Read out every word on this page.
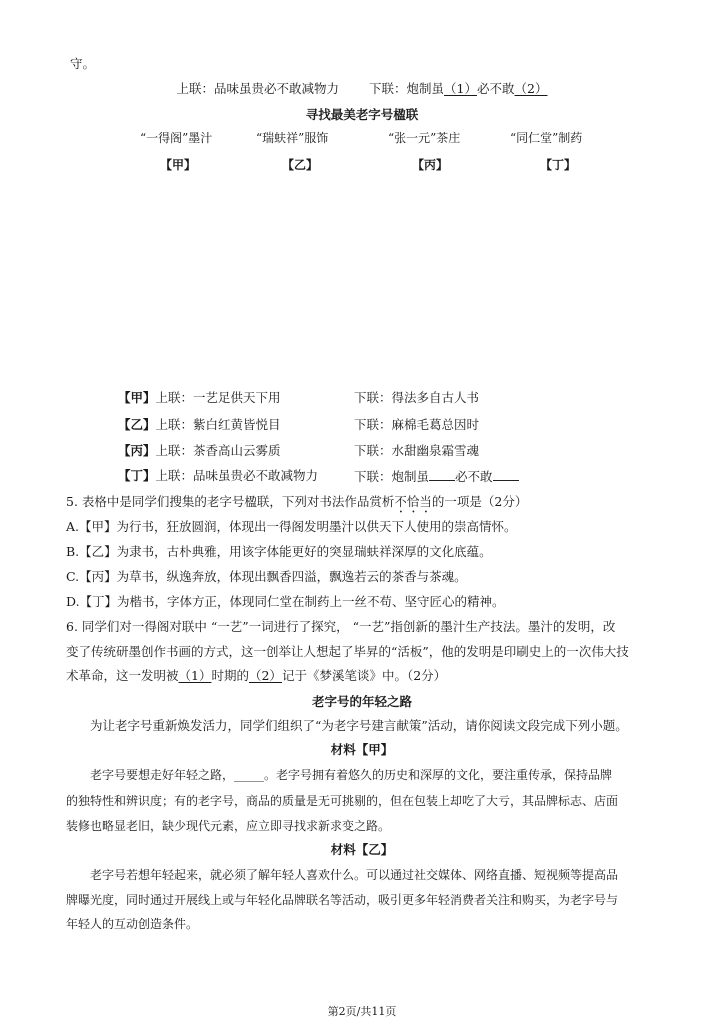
守。
上联：品味虽贵必不敢减物力 下联：炮制虽（1）必不敢（2）
寻找最美老字号楹联
“一得阁”墨汁	“瑞蚨祥”服饰	“张一元”茶庄	“同仁堂”制药
【甲】	【乙】	【丙】	【丁】
【甲】上联：一艺足供天下用	下联：得法多自古人书
【乙】上联：紫白红黄皆悦目	下联：麻棉毛葛总因时
【丙】上联：茶香高山云雾质	下联：水甜幽泉霜雪魂
【丁】上联：品味虽贵必不敢减物力	下联：炮制虽 必不敢
5. 表格中是同学们搜集的老字号楹联，下列对书法作品赏析不恰当的一项是（2分）
A.【甲】为行书，狂放圆润，体现出一得阁发明墨汁以供天下人使用的崇高情怀。
B.【乙】为隶书，古朴典雅，用该字体能更好的突显瑞蚨祥深厚的文化底蕴。
C.【丙】为草书，纵逸奔放，体现出飘香四溢，飘逸若云的茶香与茶魂。
D.【丁】为楷书，字体方正，体现同仁堂在制药上一丝不苟、坚守匠心的精神。
6. 同学们对一得阁对联中 “一艺”一词进行了探究， “一艺”指创新的墨汁生产技法。墨汁的发明，改
变了传统研墨创作书画的方式，这一创举让人想起了毕昇的“活板”，他的发明是印刷史上的一次伟大技
术革命，这一发明被（1）时期的（2）记于《梦溪笔谈》中。（2分）
老字号的年轻之路
为让老字号重新焕发活力，同学们组织了“为老字号建言献策”活动，请你阅读文段完成下列小题。
材料【甲】
老字号要想走好年轻之路，_____。老字号拥有着悠久的历史和深厚的文化，要注重传承，保持品牌
的独特性和辨识度；有的老字号，商品的质量是无可挑剔的，但在包装上却吃了大亏，其品牌标志、店面
装修也略显老旧，缺少现代元素，应立即寻找求新求变之路。
材料【乙】
老字号若想年轻起来，就必须了解年轻人喜欢什么。可以通过社交媒体、网络直播、短视频等提高品
牌曝光度，同时通过开展线上或与年轻化品牌联名等活动，吸引更多年轻消费者关注和购买，为老字号与
年轻人的互动创造条件。
第2页/共11页
